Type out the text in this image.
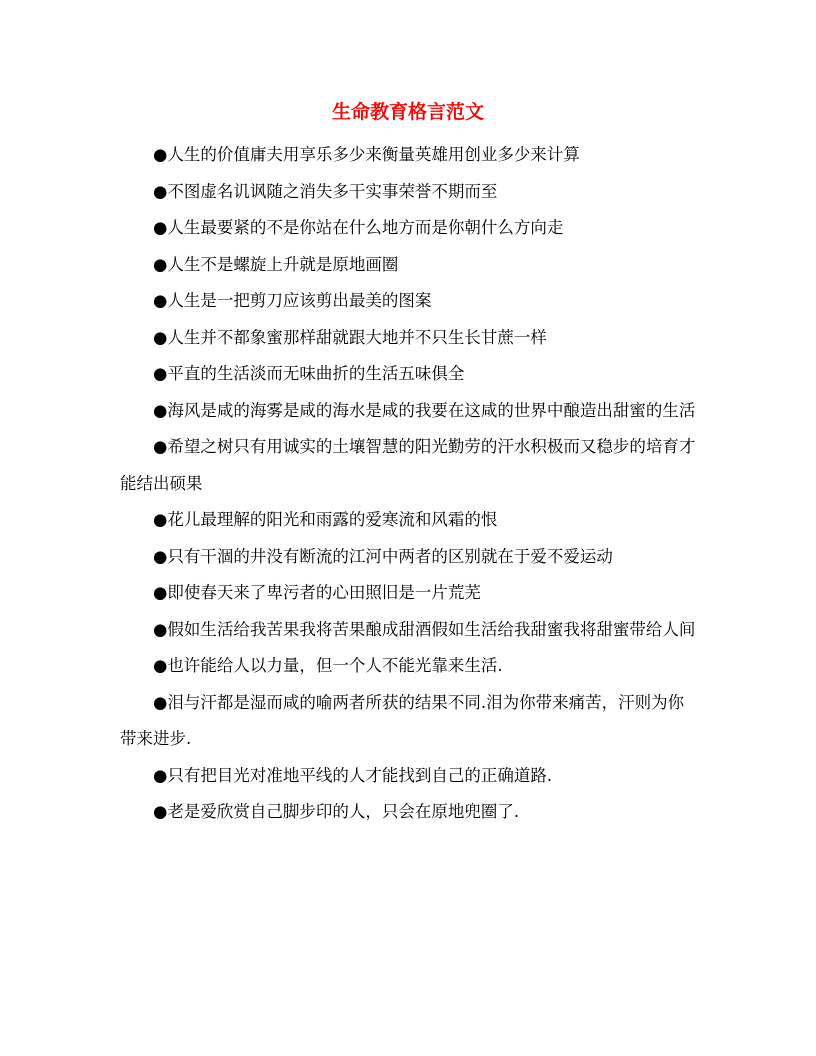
生命教育格言范文

●人生的价值庸夫用享乐多少来衡量英雄用创业多少来计算

●不图虚名讥讽随之消失多干实事荣誉不期而至

●人生最要紧的不是你站在什么地方而是你朝什么方向走

●人生不是螺旋上升就是原地画圈

●人生是一把剪刀应该剪出最美的图案

●人生并不都象蜜那样甜就跟大地并不只生长甘蔗一样

●平直的生活淡而无味曲折的生活五味俱全

●海风是咸的海雾是咸的海水是咸的我要在这咸的世界中酿造出甜蜜的生活

●希望之树只有用诚实的土壤智慧的阳光勤劳的汗水积极而又稳步的培育才能结出硕果

●花儿最理解的阳光和雨露的爱寒流和风霜的恨

●只有干涸的井没有断流的江河中两者的区别就在于爱不爱运动

●即使春天来了卑污者的心田照旧是一片荒芜

●假如生活给我苦果我将苦果酿成甜酒假如生活给我甜蜜我将甜蜜带给人间

●也许能给人以力量，但一个人不能光靠来生活.

●泪与汗都是湿而咸的喻两者所获的结果不同.泪为你带来痛苦，汗则为你带来进步.

●只有把目光对准地平线的人才能找到自己的正确道路.

●老是爱欣赏自己脚步印的人，只会在原地兜圈了.
